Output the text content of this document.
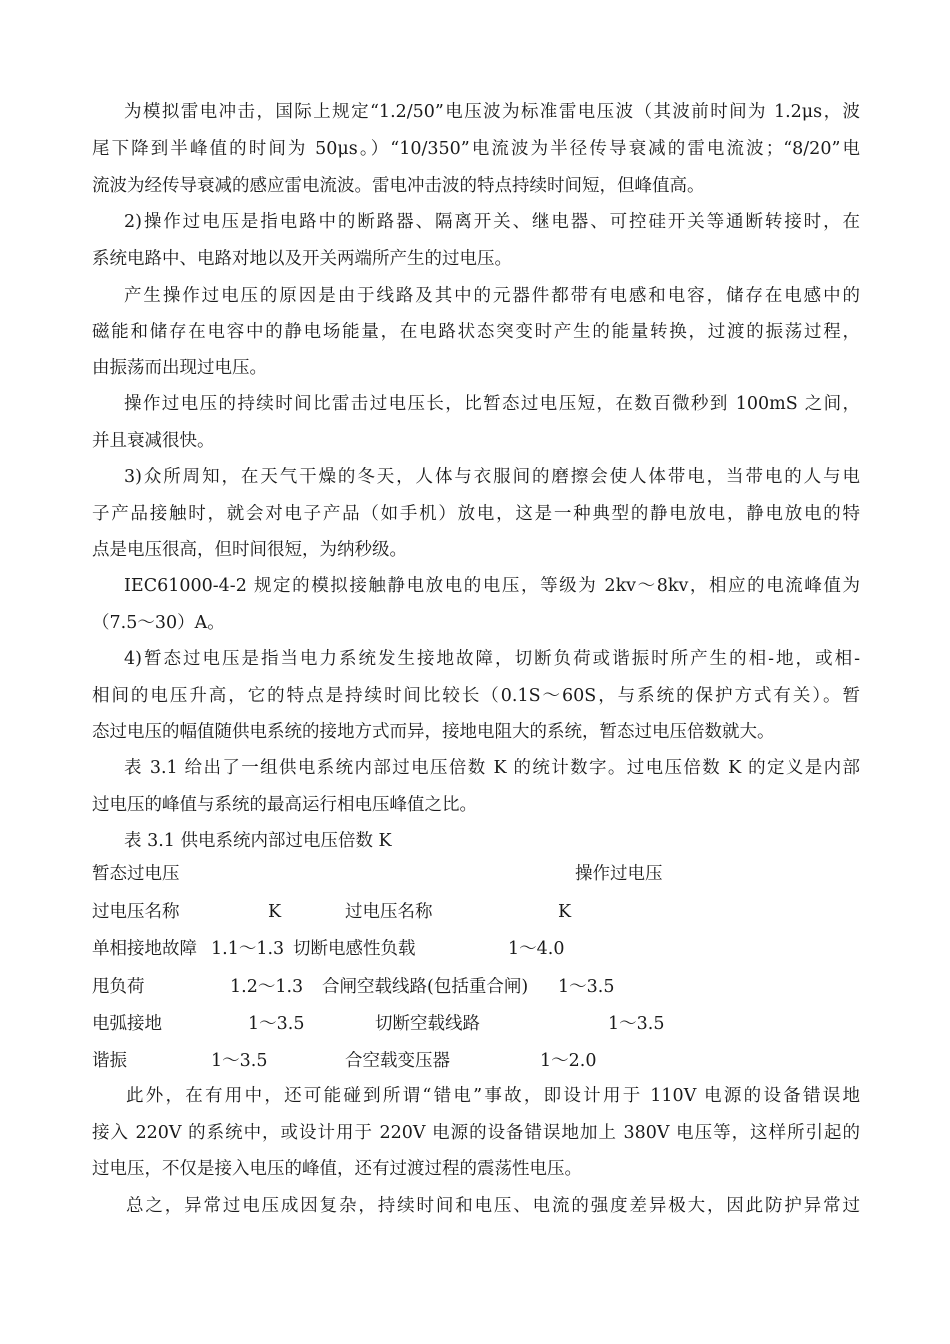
为模拟雷电冲击，国际上规定“1.2/50”电压波为标准雷电压波（其波前时间为 1.2μs，波
尾下降到半峰值的时间为 50μs。）“10/350”电流波为半径传导衰减的雷电流波；“8/20”电
流波为经传导衰减的感应雷电流波。雷电冲击波的特点持续时间短，但峰值高。
2)操作过电压是指电路中的断路器、隔离开关、继电器、可控硅开关等通断转接时，在
系统电路中、电路对地以及开关两端所产生的过电压。
产生操作过电压的原因是由于线路及其中的元器件都带有电感和电容，储存在电感中的
磁能和储存在电容中的静电场能量，在电路状态突变时产生的能量转换，过渡的振荡过程，
由振荡而出现过电压。
操作过电压的持续时间比雷击过电压长，比暂态过电压短，在数百微秒到 100mS 之间，
并且衰减很快。
3)众所周知，在天气干燥的冬天，人体与衣服间的磨擦会使人体带电，当带电的人与电
子产品接触时，就会对电子产品（如手机）放电，这是一种典型的静电放电，静电放电的特
点是电压很高，但时间很短，为纳秒级。
IEC61000-4-2 规定的模拟接触静电放电的电压，等级为 2kv～8kv，相应的电流峰值为
（7.5～30）A。
4)暂态过电压是指当电力系统发生接地故障，切断负荷或谐振时所产生的相-地，或相-
相间的电压升高，它的特点是持续时间比较长（0.1S～60S，与系统的保护方式有关）。暂
态过电压的幅值随供电系统的接地方式而异，接地电阻大的系统，暂态过电压倍数就大。
表 3.1 给出了一组供电系统内部过电压倍数 K 的统计数字。过电压倍数 K 的定义是内部
过电压的峰值与系统的最高运行相电压峰值之比。
表 3.1 供电系统内部过电压倍数 K
暂态过电压	操作过电压
过电压名称	K	过电压名称	K
单相接地故障 1.1～1.3 切断电感性负载	1～4.0
甩负荷	1.2～1.3 合闸空载线路(包括重合闸) 1～3.5
电弧接地	1～3.5	切断空载线路	1～3.5
谐振	1～3.5	合空载变压器	1～2.0
此外，在有用中，还可能碰到所谓“错电”事故，即设计用于 110V 电源的设备错误地
接入 220V 的系统中，或设计用于 220V 电源的设备错误地加上 380V 电压等，这样所引起的
过电压，不仅是接入电压的峰值，还有过渡过程的震荡性电压。
总之，异常过电压成因复杂，持续时间和电压、电流的强度差异极大，因此防护异常过
